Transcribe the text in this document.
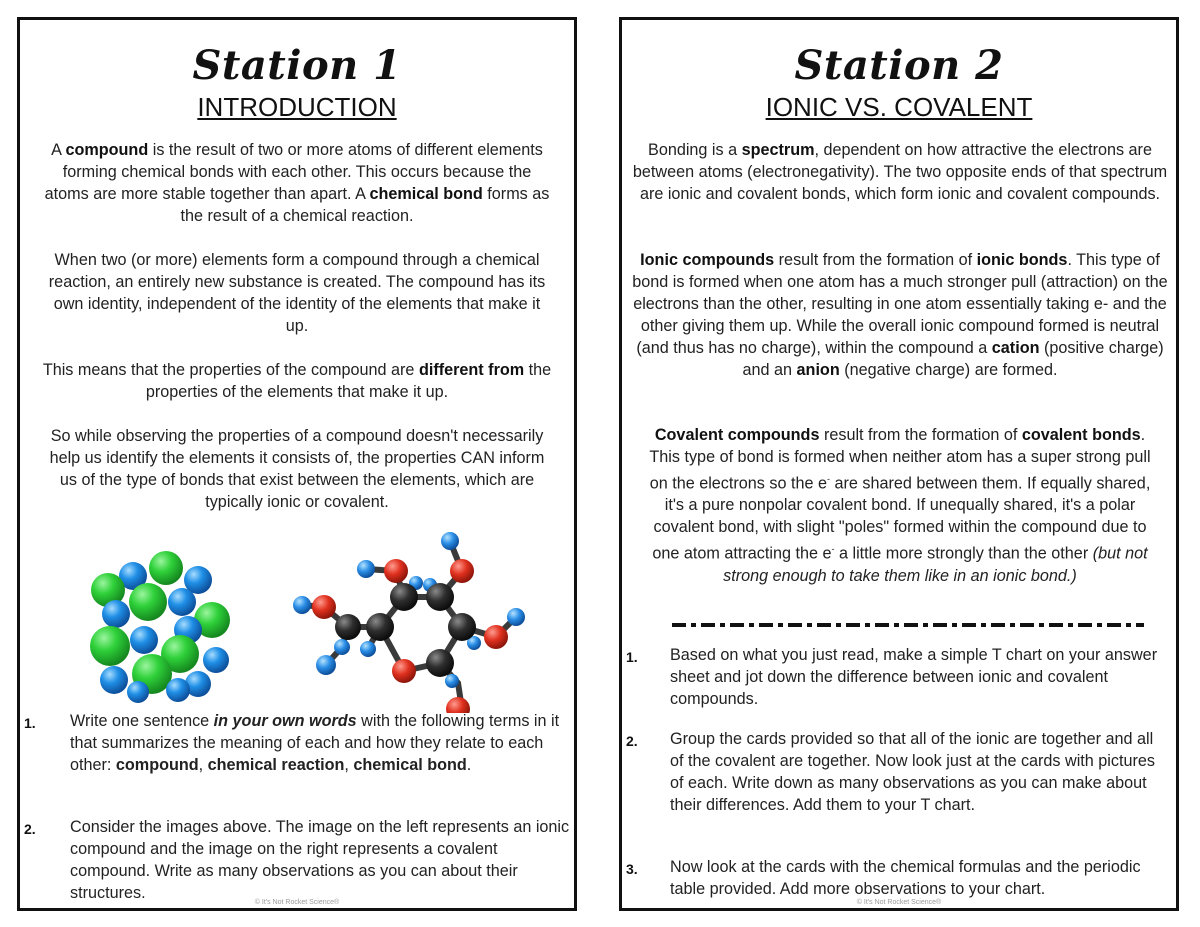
Station 1
INTRODUCTION

A compound is the result of two or more atoms of different elements forming chemical bonds with each other. This occurs because the atoms are more stable together than apart. A chemical bond forms as the result of a chemical reaction.

When two (or more) elements form a compound through a chemical reaction, an entirely new substance is created. The compound has its own identity, independent of the identity of the elements that make it up.

This means that the properties of the compound are different from the properties of the elements that make it up.

So while observing the properties of a compound doesn't necessarily help us identify the elements it consists of, the properties CAN inform us of the type of bonds that exist between the elements, which are typically ionic or covalent.

1. Write one sentence in your own words with the following terms in it that summarizes the meaning of each and how they relate to each other: compound, chemical reaction, chemical bond.

2. Consider the images above. The image on the left represents an ionic compound and the image on the right represents a covalent compound. Write as many observations as you can about their structures.

© It's Not Rocket Science®
Station 2
IONIC VS. COVALENT

Bonding is a spectrum, dependent on how attractive the electrons are between atoms (electronegativity). The two opposite ends of that spectrum are ionic and covalent bonds, which form ionic and covalent compounds.

Ionic compounds result from the formation of ionic bonds. This type of bond is formed when one atom has a much stronger pull (attraction) on the electrons than the other, resulting in one atom essentially taking e- and the other giving them up. While the overall ionic compound formed is neutral (and thus has no charge), within the compound a cation (positive charge) and an anion (negative charge) are formed.

Covalent compounds result from the formation of covalent bonds. This type of bond is formed when neither atom has a super strong pull on the electrons so the e- are shared between them. If equally shared, it's a pure nonpolar covalent bond. If unequally shared, it's a polar covalent bond, with slight "poles" formed within the compound due to one atom attracting the e- a little more strongly than the other (but not strong enough to take them like in an ionic bond.)

1. Based on what you just read, make a simple T chart on your answer sheet and jot down the difference between ionic and covalent compounds.

2. Group the cards provided so that all of the ionic are together and all of the covalent are together. Now look just at the cards with pictures of each. Write down as many observations as you can make about their differences. Add them to your T chart.

3. Now look at the cards with the chemical formulas and the periodic table provided. Add more observations to your chart.

© It's Not Rocket Science®
